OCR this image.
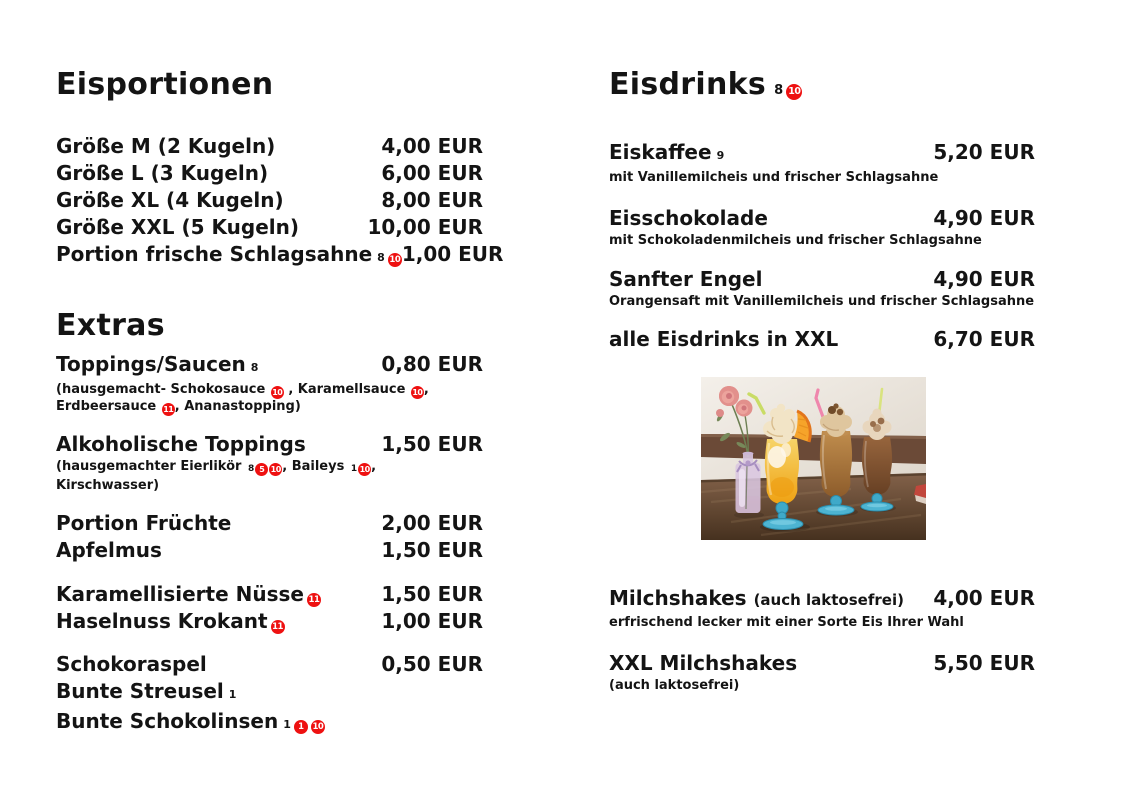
Eisportionen
Größe M (2 Kugeln)	4,00 EUR
Größe L (3 Kugeln)	6,00 EUR
Größe XL (4 Kugeln)	8,00 EUR
Größe XXL (5 Kugeln)	10,00 EUR
Portion frische Schlagsahne 8 10 1,00 EUR
Extras
Toppings/Saucen 8	0,80 EUR
(hausgemacht- Schokosauce 10 , Karamellsauce 10,
Erdbeersauce 11, Ananastopping)
Alkoholische Toppings	1,50 EUR
(hausgemachter Eierlikör 8 5 10, Baileys 1 10, Kirschwasser)
Portion Früchte	2,00 EUR
Apfelmus	1,50 EUR
Karamellisierte Nüsse 11	1,50 EUR
Haselnuss Krokant 11	1,00 EUR
Schokoraspel	0,50 EUR
Bunte Streusel 1
Bunte Schokolinsen 1 1 10
Eisdrinks 8 10
Eiskaffee 9	5,20 EUR
mit Vanillemilcheis und frischer Schlagsahne
Eisschokolade	4,90 EUR
mit Schokoladenmilcheis und frischer Schlagsahne
Sanfter Engel	4,90 EUR
Orangensaft mit Vanillemilcheis und frischer Schlagsahne
alle Eisdrinks in XXL	6,70 EUR
Milchshakes (auch laktosefrei) 4,00 EUR
erfrischend lecker mit einer Sorte Eis Ihrer Wahl
XXL Milchshakes	5,50 EUR
(auch laktosefrei)
